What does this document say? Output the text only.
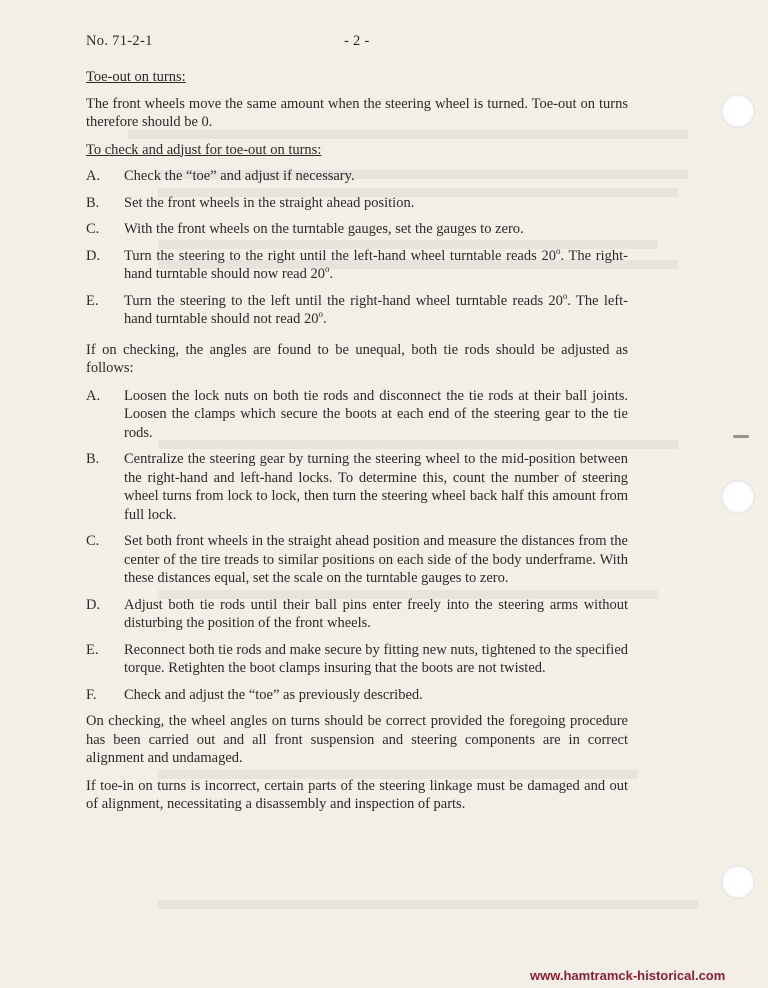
No. 71-2-1	- 2 -
Toe-out on turns:

The front wheels move the same amount when the steering wheel is turned. Toe-out on turns therefore should be 0.

To check and adjust for toe-out on turns:
A.	Check the “toe” and adjust if necessary.
B.	Set the front wheels in the straight ahead position.
C.	With the front wheels on the turntable gauges, set the gauges to zero.
D.	Turn the steering to the right until the left-hand wheel turntable reads 20$^o$. The right-hand turntable should now read 20$^o$.
E.	Turn the steering to the left until the right-hand wheel turntable reads 20$^o$. The left-hand turntable should not read 20$^o$.

If on checking, the angles are found to be unequal, both tie rods should be adjusted as follows:

A.	Loosen the lock nuts on both tie rods and disconnect the tie rods at their ball joints. Loosen the clamps which secure the boots at each end of the steering gear to the tie rods.
B.	Centralize the steering gear by turning the steering wheel to the mid-position between the right-hand and left-hand locks. To determine this, count the number of steering wheel turns from lock to lock, then turn the steering wheel back half this amount from full lock.
C.	Set both front wheels in the straight ahead position and measure the distances from the center of the tire treads to similar positions on each side of the body underframe. With these distances equal, set the scale on the turntable gauges to zero.
D.	Adjust both tie rods until their ball pins enter freely into the steering arms without disturbing the position of the front wheels.
E.	Reconnect both tie rods and make secure by fitting new nuts, tightened to the specified torque. Retighten the boot clamps insuring that the boots are not twisted.
F.	Check and adjust the “toe” as previously described.

On checking, the wheel angles on turns should be correct provided the foregoing procedure has been carried out and all front suspension and steering components are in correct alignment and undamaged.

If toe-in on turns is incorrect, certain parts of the steering linkage must be damaged and out of alignment, necessitating a disassembly and inspection of parts.

www.hamtramck-historical.com
